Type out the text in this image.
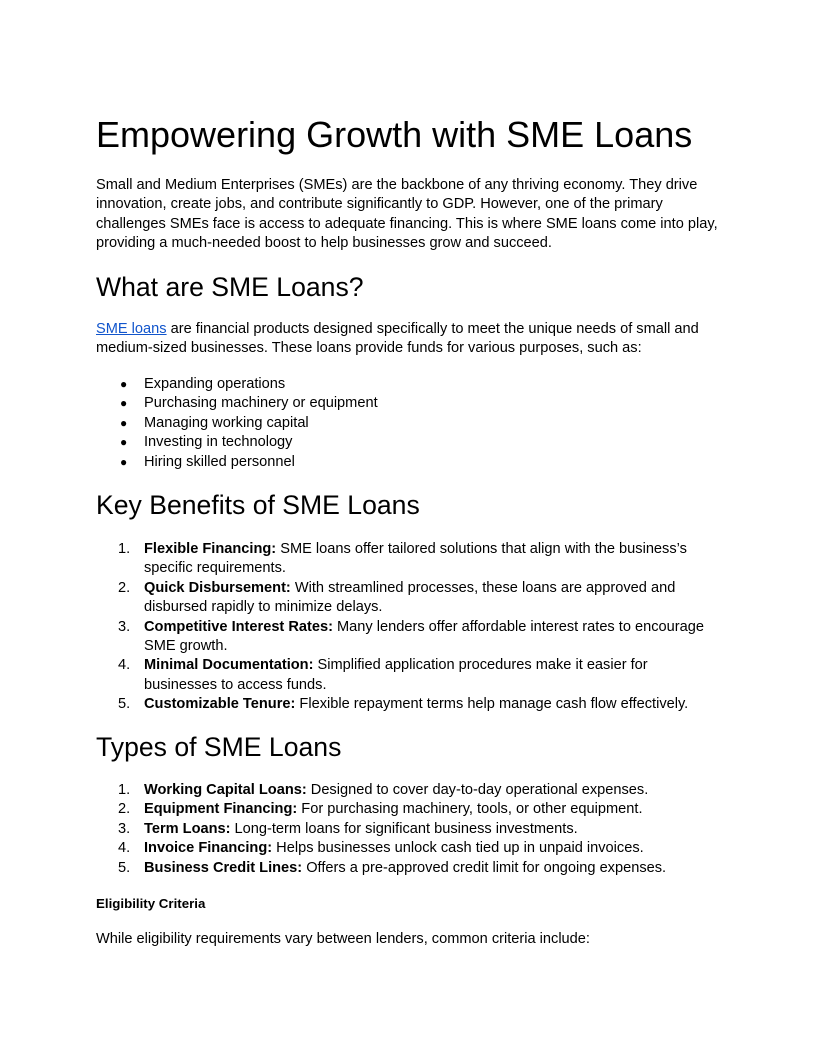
Empowering Growth with SME Loans

Small and Medium Enterprises (SMEs) are the backbone of any thriving economy. They drive innovation, create jobs, and contribute significantly to GDP. However, one of the primary challenges SMEs face is access to adequate financing. This is where SME loans come into play, providing a much-needed boost to help businesses grow and succeed.

What are SME Loans?

SME loans are financial products designed specifically to meet the unique needs of small and medium-sized businesses. These loans provide funds for various purposes, such as:

● Expanding operations
● Purchasing machinery or equipment
● Managing working capital
● Investing in technology
● Hiring skilled personnel
Key Benefits of SME Loans
1. Flexible Financing: SME loans offer tailored solutions that align with the business’s specific requirements.
2. Quick Disbursement: With streamlined processes, these loans are approved and disbursed rapidly to minimize delays.
3. Competitive Interest Rates: Many lenders offer affordable interest rates to encourage SME growth.
4. Minimal Documentation: Simplified application procedures make it easier for businesses to access funds.
5. Customizable Tenure: Flexible repayment terms help manage cash flow effectively.
Types of SME Loans
1. Working Capital Loans: Designed to cover day-to-day operational expenses.
2. Equipment Financing: For purchasing machinery, tools, or other equipment.
3. Term Loans: Long-term loans for significant business investments.
4. Invoice Financing: Helps businesses unlock cash tied up in unpaid invoices.
5. Business Credit Lines: Offers a pre-approved credit limit for ongoing expenses.
Eligibility Criteria

While eligibility requirements vary between lenders, common criteria include:
